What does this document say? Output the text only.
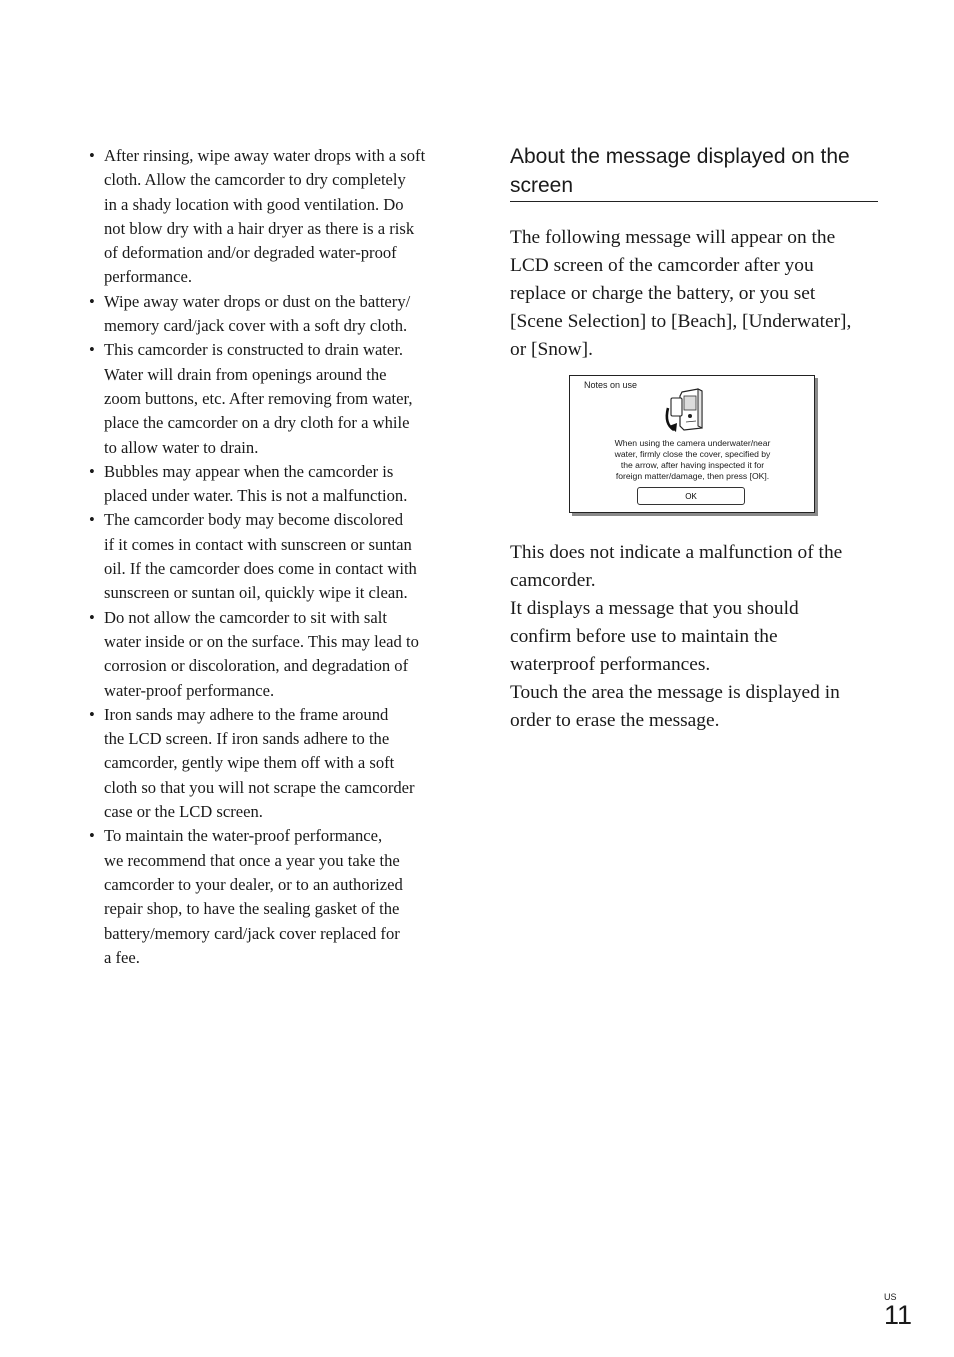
• After rinsing, wipe away water drops with a soft
cloth. Allow the camcorder to dry completely
in a shady location with good ventilation. Do
not blow dry with a hair dryer as there is a risk
of deformation and/or degraded water-proof
performance.
• Wipe away water drops or dust on the battery/
memory card/jack cover with a soft dry cloth.
• This camcorder is constructed to drain water.
Water will drain from openings around the
zoom buttons, etc. After removing from water,
place the camcorder on a dry cloth for a while
to allow water to drain.
• Bubbles may appear when the camcorder is
placed under water. This is not a malfunction.
• The camcorder body may become discolored
if it comes in contact with sunscreen or suntan
oil. If the camcorder does come in contact with
sunscreen or suntan oil, quickly wipe it clean.
• Do not allow the camcorder to sit with salt
water inside or on the surface. This may lead to
corrosion or discoloration, and degradation of
water-proof performance.
• Iron sands may adhere to the frame around
the LCD screen. If iron sands adhere to the
camcorder, gently wipe them off with a soft
cloth so that you will not scrape the camcorder
case or the LCD screen.
• To maintain the water-proof performance,
we recommend that once a year you take the
camcorder to your dealer, or to an authorized
repair shop, to have the sealing gasket of the
battery/memory card/jack cover replaced for
a fee.
About the message displayed on the
screen

The following message will appear on the
LCD screen of the camcorder after you
replace or charge the battery, or you set
[Scene Selection] to [Beach], [Underwater],
or [Snow].

Notes on use
When using the camera underwater/near
water, firmly close the cover, specified by
the arrow, after having inspected it for
foreign matter/damage, then press [OK].
OK

This does not indicate a malfunction of the
camcorder.
It displays a message that you should
confirm before use to maintain the
waterproof performances.
Touch the area the message is displayed in
order to erase the message.

US
11
